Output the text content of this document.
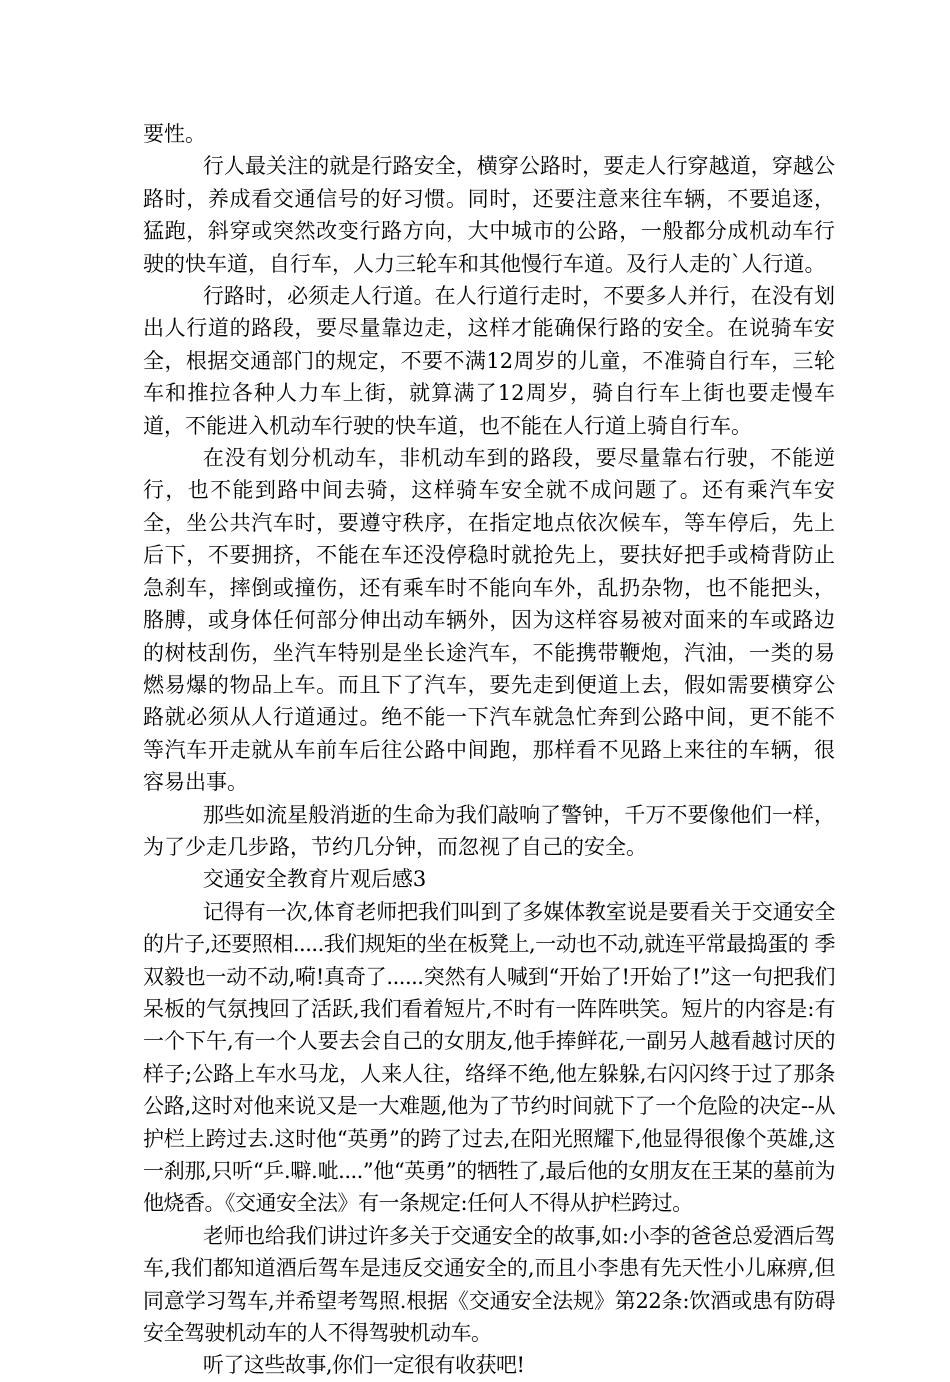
要性。

行人最关注的就是行路安全，横穿公路时，要走人行穿越道，穿越公路时，养成看交通信号的好习惯。同时，还要注意来往车辆，不要追逐，猛跑，斜穿或突然改变行路方向，大中城市的公路，一般都分成机动车行驶的快车道，自行车，人力三轮车和其他慢行车道。及行人走的`人行道。

行路时，必须走人行道。在人行道行走时，不要多人并行，在没有划出人行道的路段，要尽量靠边走，这样才能确保行路的安全。在说骑车安全，根据交通部门的规定，不要不满12周岁的儿童，不准骑自行车，三轮车和推拉各种人力车上街，就算满了12周岁，骑自行车上街也要走慢车道，不能进入机动车行驶的快车道，也不能在人行道上骑自行车。

在没有划分机动车，非机动车到的路段，要尽量靠右行驶，不能逆行，也不能到路中间去骑，这样骑车安全就不成问题了。还有乘汽车安全，坐公共汽车时，要遵守秩序，在指定地点依次候车，等车停后，先上后下，不要拥挤，不能在车还没停稳时就抢先上，要扶好把手或椅背防止急刹车，摔倒或撞伤，还有乘车时不能向车外，乱扔杂物，也不能把头，胳膊，或身体任何部分伸出动车辆外，因为这样容易被对面来的车或路边的树枝刮伤，坐汽车特别是坐长途汽车，不能携带鞭炮，汽油，一类的易燃易爆的物品上车。而且下了汽车，要先走到便道上去，假如需要横穿公路就必须从人行道通过。绝不能一下汽车就急忙奔到公路中间，更不能不等汽车开走就从车前车后往公路中间跑，那样看不见路上来往的车辆，很容易出事。

那些如流星般消逝的生命为我们敲响了警钟，千万不要像他们一样，为了少走几步路，节约几分钟，而忽视了自己的安全。

交通安全教育片观后感3

记得有一次,体育老师把我们叫到了多媒体教室说是要看关于交通安全的片子,还要照相.....我们规矩的坐在板凳上,一动也不动,就连平常最捣蛋的 季双毅也一动不动,嗬!真奇了......突然有人喊到“开始了!开始了!”这一句把我们呆板的气氛拽回了活跃,我们看着短片,不时有一阵阵哄笑。短片的内容是:有一个下午,有一个人要去会自己的女朋友,他手捧鲜花,一副另人越看越讨厌的样子;公路上车水马龙，人来人往，络绎不绝,他左躲躲,右闪闪终于过了那条公路,这时对他来说又是一大难题,他为了节约时间就下了一个危险的决定--从护栏上跨过去.这时他“英勇”的跨了过去,在阳光照耀下,他显得很像个英雄,这一刹那,只听“乒.噼.呲....”他“英勇”的牺牲了,最后他的女朋友在王某的墓前为他烧香。《交通安全法》有一条规定:任何人不得从护栏跨过。

老师也给我们讲过许多关于交通安全的故事,如:小李的爸爸总爱酒后驾车,我们都知道酒后驾车是违反交通安全的,而且小李患有先天性小儿麻痹,但同意学习驾车,并希望考驾照.根据《交通安全法规》第22条:饮酒或患有防碍安全驾驶机动车的人不得驾驶机动车。

听了这些故事,你们一定很有收获吧!
